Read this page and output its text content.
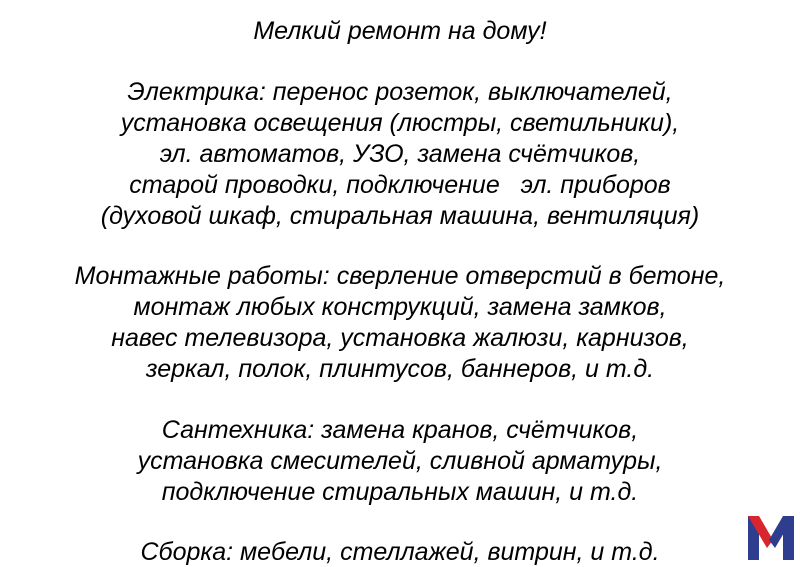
Мелкий ремонт на дому!
Электрика: перенос розеток, выключателей,
установка освещения (люстры, светильники),
эл. автоматов, УЗО, замена счётчиков,
старой проводки, подключение   эл. приборов
(духовой шкаф, стиральная машина, вентиляция)
Монтажные работы: сверление отверстий в бетоне,
монтаж любых конструкций, замена замков,
навес телевизора, установка жалюзи, карнизов,
зеркал, полок, плинтусов, баннеров, и т.д.
Сантехника: замена кранов, счётчиков,
установка смесителей, сливной арматуры,
подключение стиральных машин, и т.д.
Сборка: мебели, стеллажей, витрин, и т.д.
